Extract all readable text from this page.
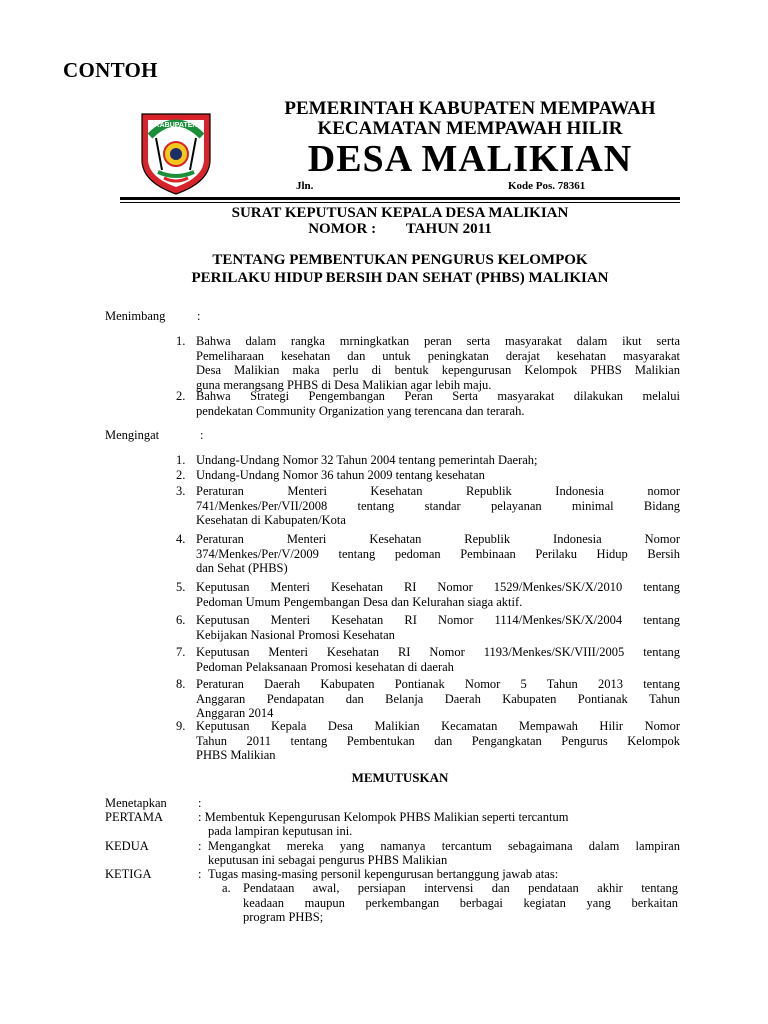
CONTOH
KABUPATEN
PEMERINTAH KABUPATEN MEMPAWAH
KECAMATAN MEMPAWAH HILIR
DESA MALIKIAN
Jln.	Kode Pos. 78361
SURAT KEPUTUSAN KEPALA DESA MALIKIAN
NOMOR :        TAHUN 2011
TENTANG PEMBENTUKAN PENGURUS KELOMPOK
PERILAKU HIDUP BERSIH DAN SEHAT (PHBS) MALIKIAN
Menimbang	:
1. Bahwa dalam rangka mrningkatkan peran serta masyarakat dalam ikut serta
Pemeliharaan kesehatan dan untuk peningkatan derajat kesehatan masyarakat
Desa Malikian maka perlu di bentuk kepengurusan Kelompok PHBS Malikian
guna merangsang PHBS di Desa Malikian agar lebih maju.
2. Bahwa Strategi Pengembangan Peran Serta masyarakat dilakukan melalui
pendekatan Community Organization yang terencana dan terarah.
Mengingat	:
1. Undang-Undang Nomor 32 Tahun 2004 tentang pemerintah Daerah;
2. Undang-Undang Nomor 36 tahun 2009 tentang kesehatan
3. Peraturan Menteri Kesehatan Republik Indonesia nomor
741/Menkes/Per/VII/2008 tentang standar pelayanan minimal Bidang
Kesehatan di Kabupaten/Kota
4. Peraturan Menteri Kesehatan Republik Indonesia Nomor
374/Menkes/Per/V/2009 tentang pedoman Pembinaan Perilaku Hidup Bersih
dan Sehat (PHBS)
5. Keputusan Menteri Kesehatan RI Nomor 1529/Menkes/SK/X/2010 tentang
Pedoman Umum Pengembangan Desa dan Kelurahan siaga aktif.
6. Keputusan Menteri Kesehatan RI Nomor 1114/Menkes/SK/X/2004 tentang
Kebijakan Nasional Promosi Kesehatan
7. Keputusan Menteri Kesehatan RI Nomor 1193/Menkes/SK/VIII/2005 tentang
Pedoman Pelaksanaan Promosi kesehatan di daerah
8. Peraturan Daerah Kabupaten Pontianak Nomor 5 Tahun 2013 tentang
Anggaran Pendapatan dan Belanja Daerah Kabupaten Pontianak Tahun
Anggaran 2014
9. Keputusan Kepala Desa Malikian Kecamatan Mempawah Hilir Nomor
Tahun 2011 tentang Pembentukan dan Pengangkatan Pengurus Kelompok
PHBS Malikian
MEMUTUSKAN
Menetapkan :
PERTAMA	: Membentuk Kepengurusan Kelompok PHBS Malikian seperti tercantum
pada lampiran keputusan ini.
KEDUA	: Mengangkat mereka yang namanya tercantum sebagaimana dalam lampiran
keputusan ini sebagai pengurus PHBS Malikian
KETIGA	: Tugas masing-masing personil kepengurusan bertanggung jawab atas:
a. Pendataan awal, persiapan intervensi dan pendataan akhir tentang
keadaan maupun perkembangan berbagai kegiatan yang berkaitan
program PHBS;
